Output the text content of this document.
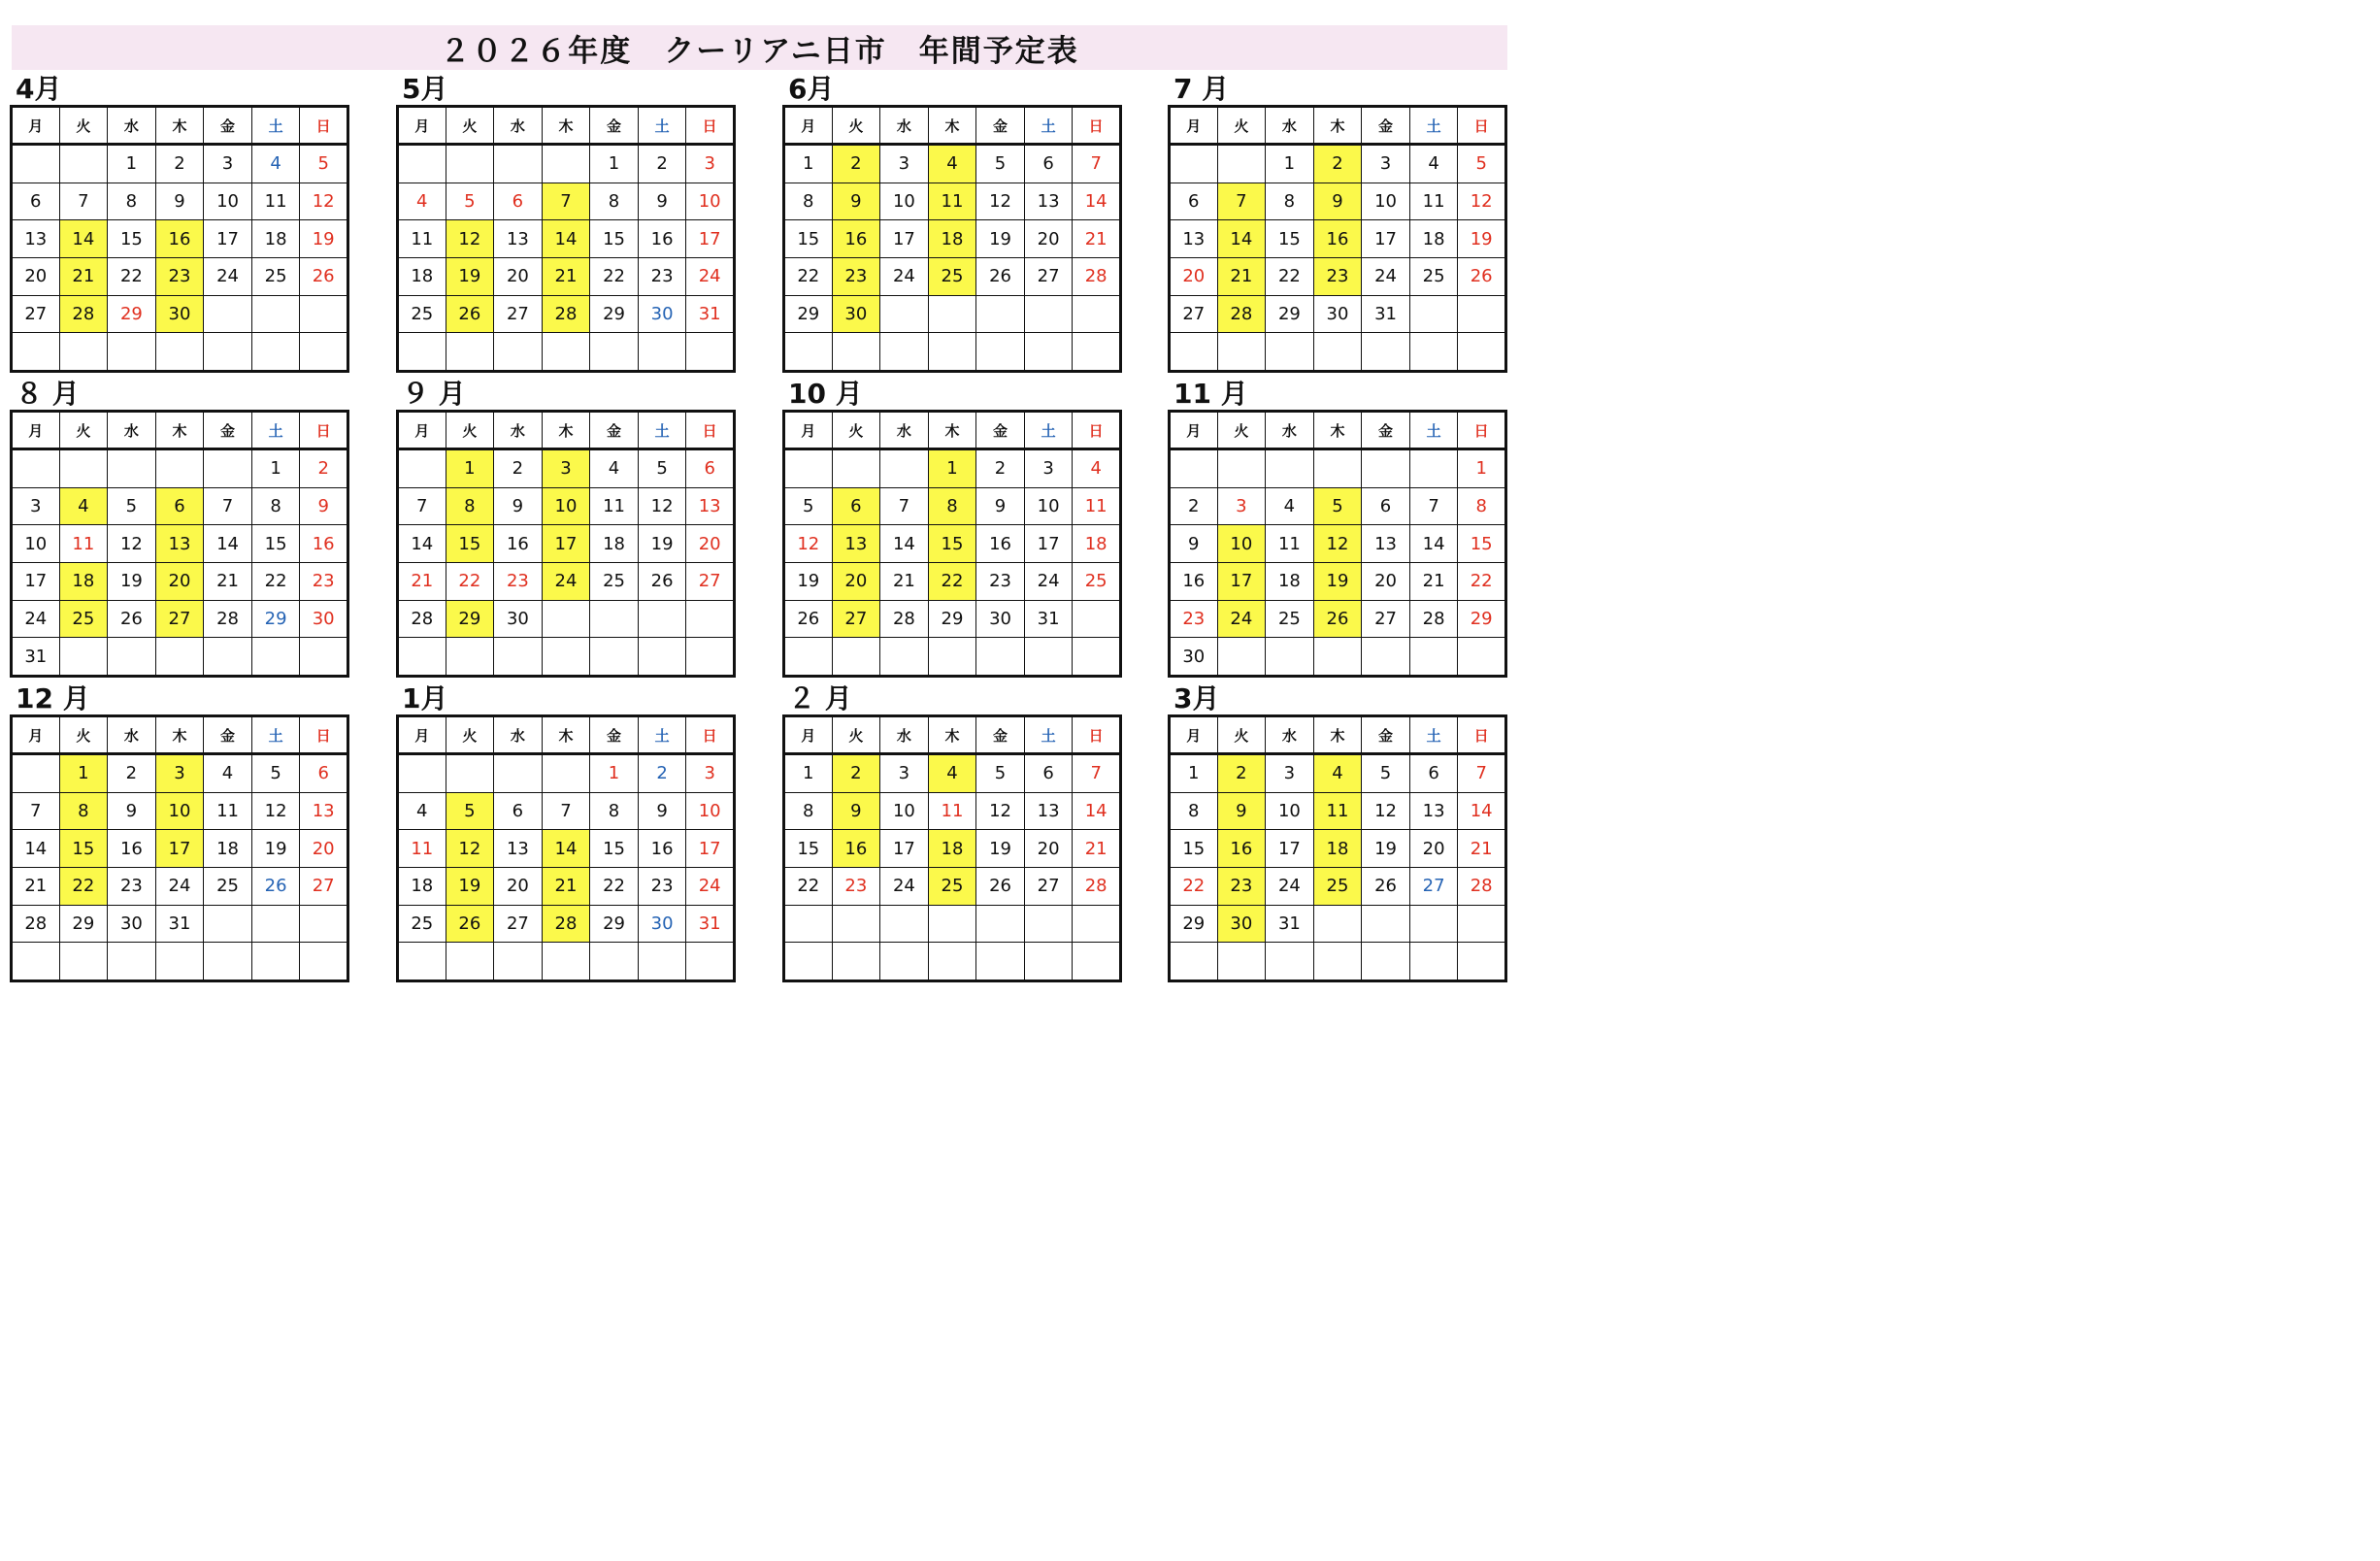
２０２６年度　クーリアニ日市　年間予定表
4月
月	火	水	木	金	土	日
		1	2	3	4	5
6	7	8	9	10	11	12
13	14	15	16	17	18	19
20	21	22	23	24	25	26
27	28	29	30			

5月
月	火	水	木	金	土	日
				1	2	3
4	5	6	7	8	9	10
11	12	13	14	15	16	17
18	19	20	21	22	23	24
25	26	27	28	29	30	31

6月
月	火	水	木	金	土	日
1	2	3	4	5	6	7
8	9	10	11	12	13	14
15	16	17	18	19	20	21
22	23	24	25	26	27	28
29	30					

7 月
月	火	水	木	金	土	日
		1	2	3	4	5
6	7	8	9	10	11	12
13	14	15	16	17	18	19
20	21	22	23	24	25	26
27	28	29	30	31		

８ 月
月	火	水	木	金	土	日
					1	2
3	4	5	6	7	8	9
10	11	12	13	14	15	16
17	18	19	20	21	22	23
24	25	26	27	28	29	30
31						
９ 月
月	火	水	木	金	土	日
	1	2	3	4	5	6
7	8	9	10	11	12	13
14	15	16	17	18	19	20
21	22	23	24	25	26	27
28	29	30				

10 月
月	火	水	木	金	土	日
			1	2	3	4
5	6	7	8	9	10	11
12	13	14	15	16	17	18
19	20	21	22	23	24	25
26	27	28	29	30	31	

11 月
月	火	水	木	金	土	日
						1
2	3	4	5	6	7	8
9	10	11	12	13	14	15
16	17	18	19	20	21	22
23	24	25	26	27	28	29
30						
12 月
月	火	水	木	金	土	日
	1	2	3	4	5	6
7	8	9	10	11	12	13
14	15	16	17	18	19	20
21	22	23	24	25	26	27
28	29	30	31			

1月
月	火	水	木	金	土	日
				1	2	3
4	5	6	7	8	9	10
11	12	13	14	15	16	17
18	19	20	21	22	23	24
25	26	27	28	29	30	31

２ 月
月	火	水	木	金	土	日
1	2	3	4	5	6	7
8	9	10	11	12	13	14
15	16	17	18	19	20	21
22	23	24	25	26	27	28

3月
月	火	水	木	金	土	日
1	2	3	4	5	6	7
8	9	10	11	12	13	14
15	16	17	18	19	20	21
22	23	24	25	26	27	28
29	30	31				
